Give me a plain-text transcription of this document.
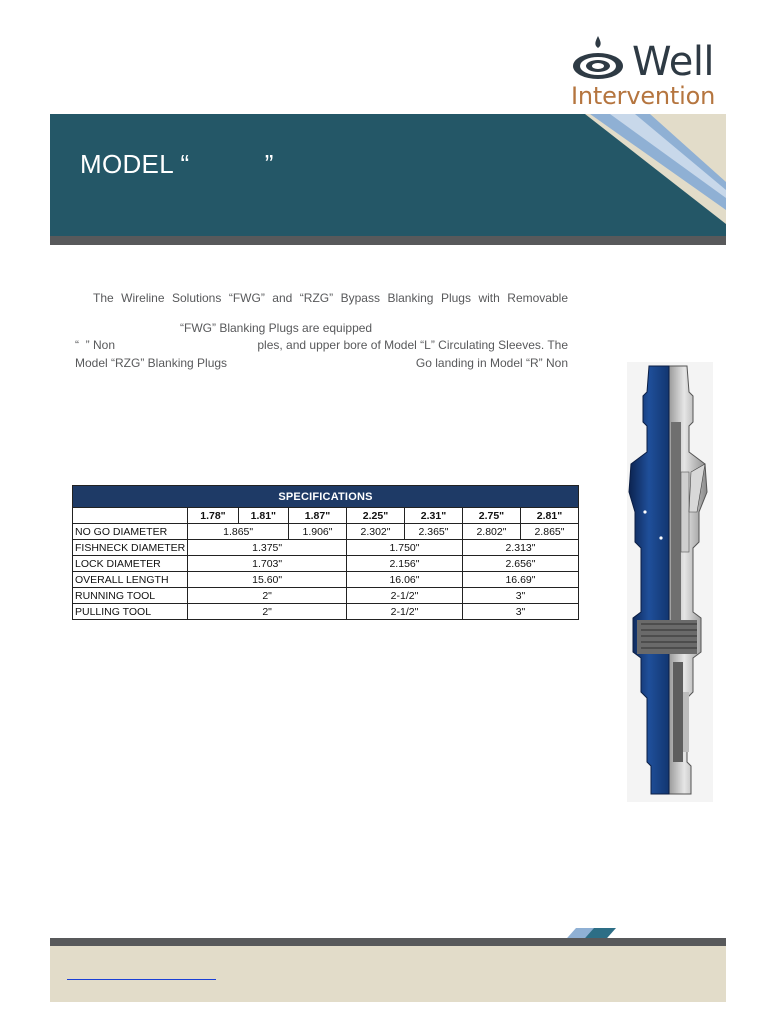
Well
Intervention
MODEL “          ”

The Wireline Solutions “FWG” and “RZG” Bypass Blanking Plugs with Removable

“FWG” Blanking Plugs are equipped

“  ” Non	ples, and upper bore of Model “L” Circulating Sleeves. The

Model “RZG” Blanking Plugs	Go landing in Model “R” Non

SPECIFICATIONS							
	1.78"	1.81"	1.87"	2.25"	2.31"	2.75"	2.81"
NO GO DIAMETER	1.865"		1.906"	2.302"	2.365"	2.802"	2.865"
FISHNECK DIAMETER	1.375"			1.750"		2.313"	
LOCK DIAMETER	1.703"			2.156"		2.656"	
OVERALL LENGTH	15.60"			16.06"		16.69"	
RUNNING TOOL	2"			2-1/2"		3"	
PULLING TOOL	2"			2-1/2"		3"	
